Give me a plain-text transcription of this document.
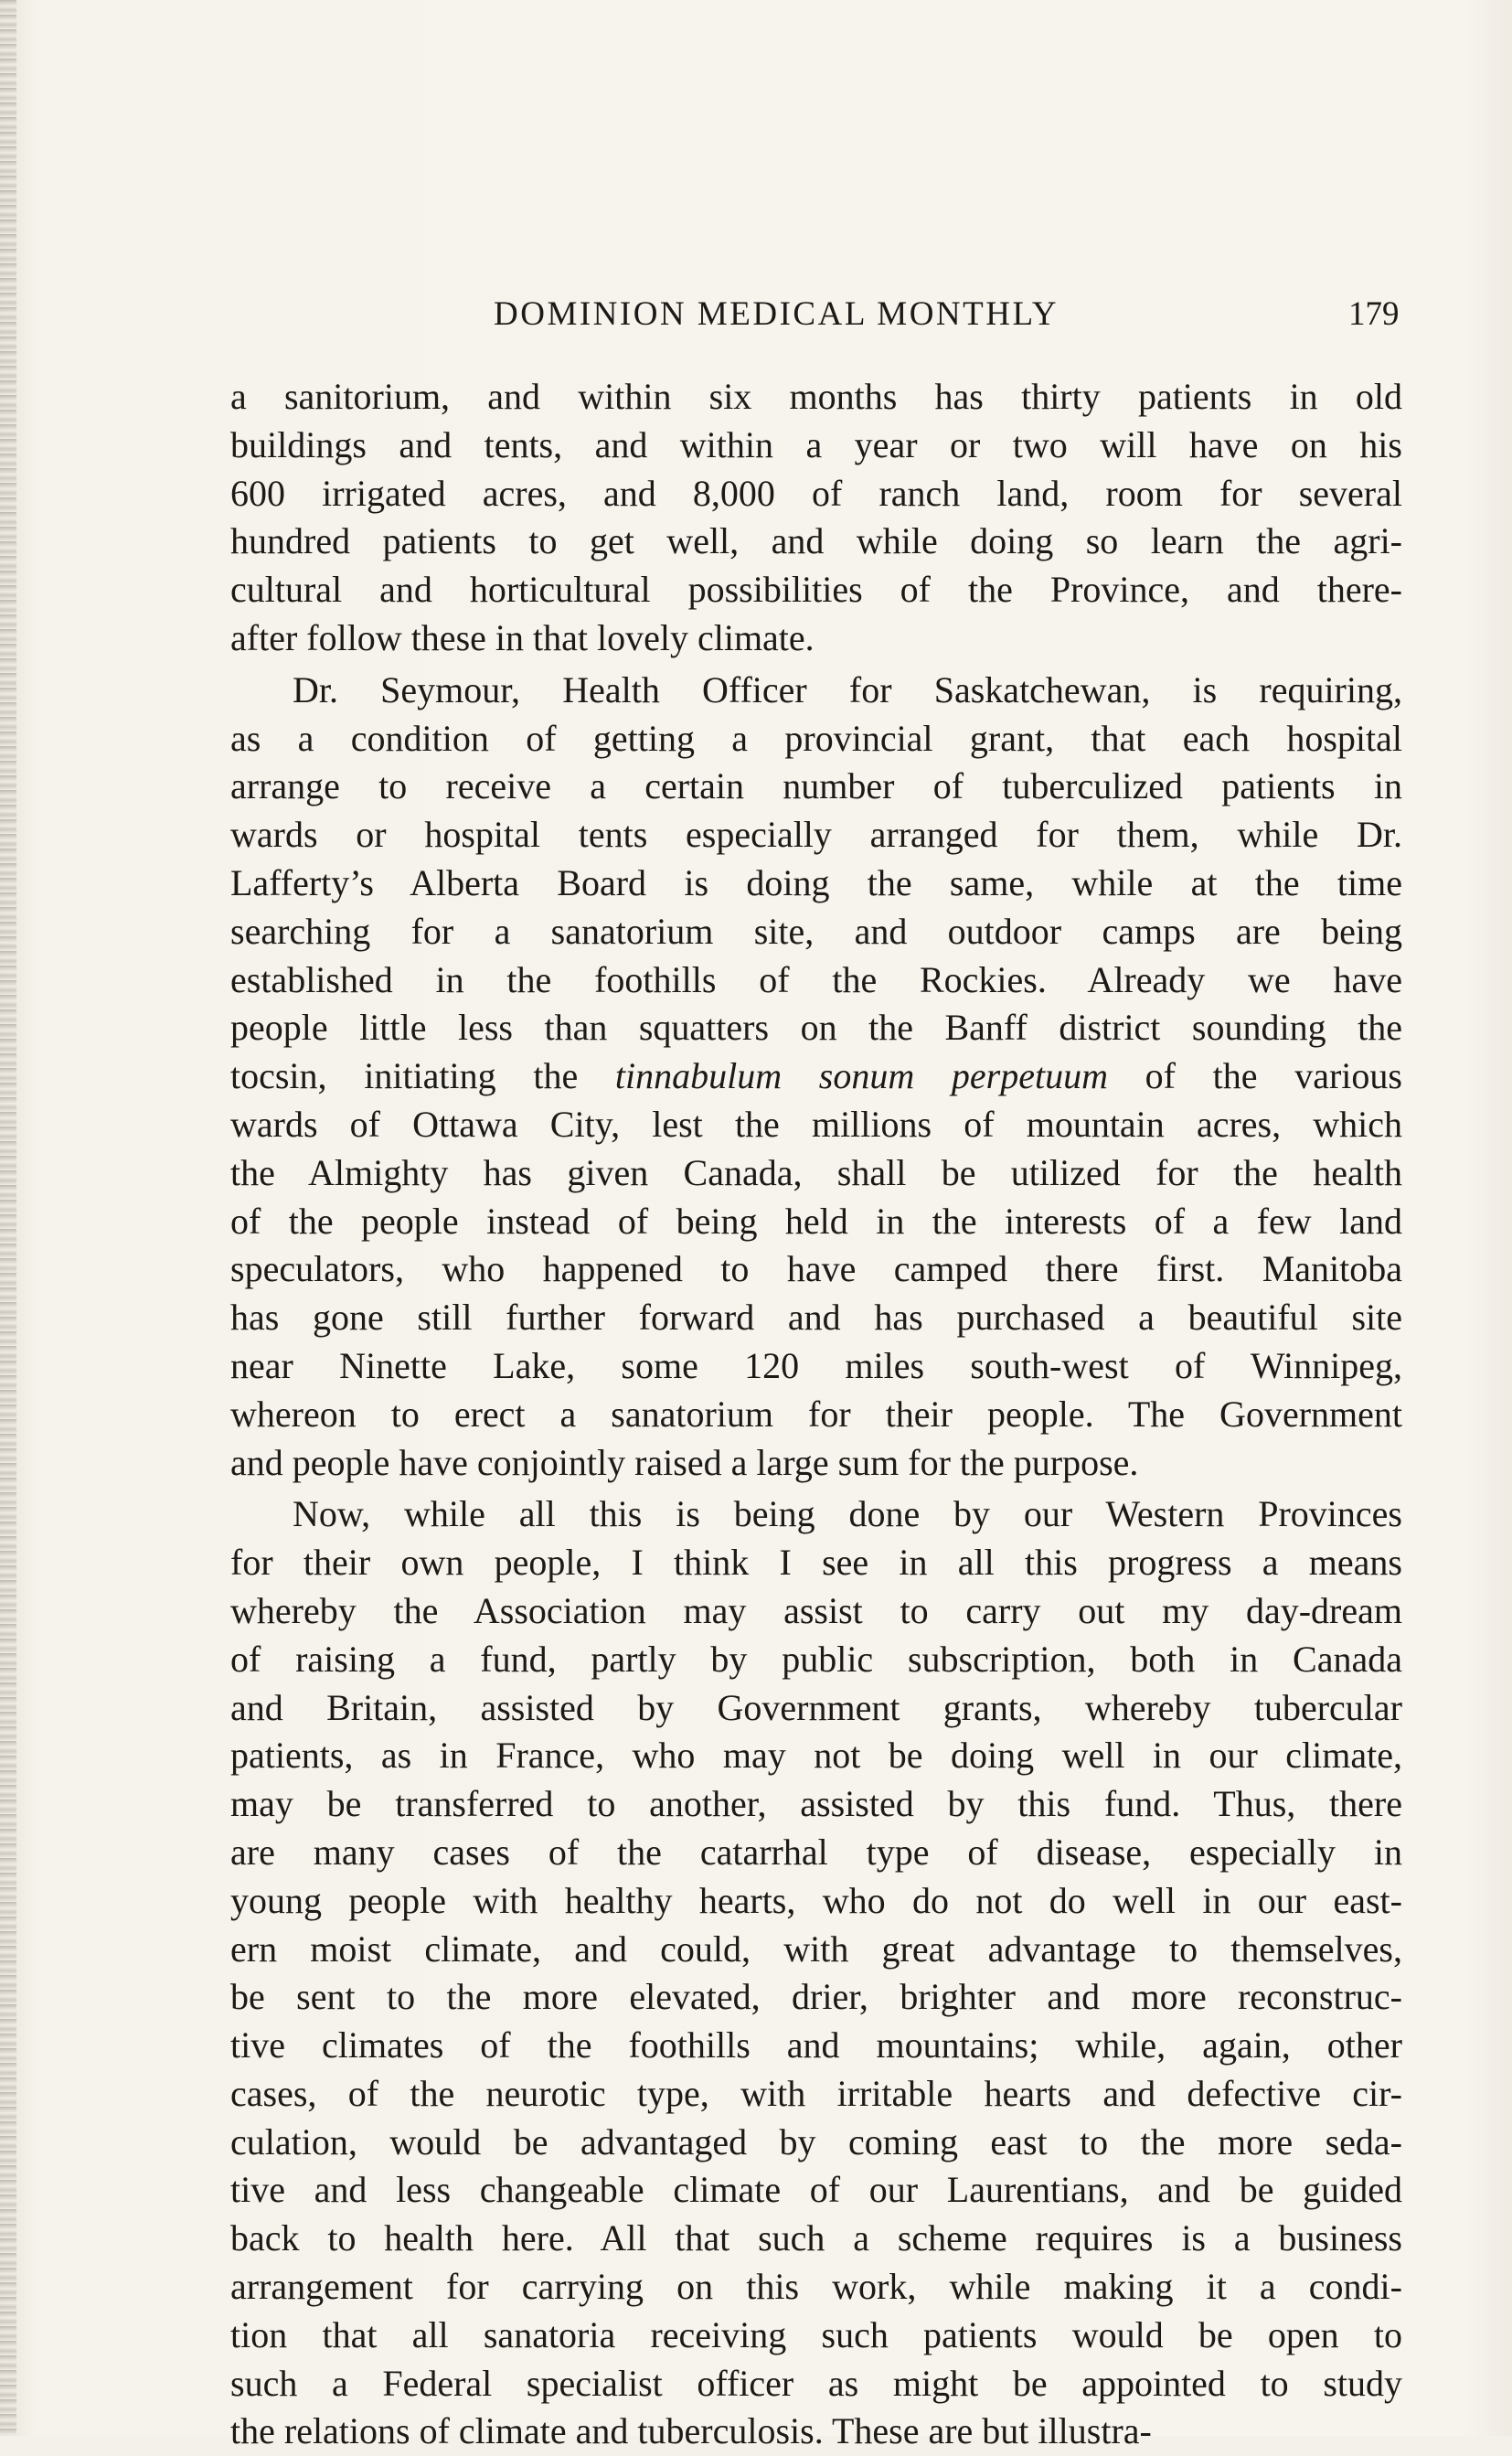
DOMINION MEDICAL MONTHLY	179
a sanitorium, and within six months has thirty patients in old
buildings and tents, and within a year or two will have on his
600 irrigated acres, and 8,000 of ranch land, room for several
hundred patients to get well, and while doing so learn the agri-
cultural and horticultural possibilities of the Province, and there-
after follow these in that lovely climate.
Dr. Seymour, Health Officer for Saskatchewan, is requiring,
as a condition of getting a provincial grant, that each hospital
arrange to receive a certain number of tuberculized patients in
wards or hospital tents especially arranged for them, while Dr.
Lafferty’s Alberta Board is doing the same, while at the time
searching for a sanatorium site, and outdoor camps are being
established in the foothills of the Rockies. Already we have
people little less than squatters on the Banff district sounding the
tocsin, initiating the tinnabulum sonum perpetuum of the various
wards of Ottawa City, lest the millions of mountain acres, which
the Almighty has given Canada, shall be utilized for the health
of the people instead of being held in the interests of a few land
speculators, who happened to have camped there first. Manitoba
has gone still further forward and has purchased a beautiful site
near Ninette Lake, some 120 miles south-west of Winnipeg,
whereon to erect a sanatorium for their people. The Government
and people have conjointly raised a large sum for the purpose.
Now, while all this is being done by our Western Provinces
for their own people, I think I see in all this progress a means
whereby the Association may assist to carry out my day-dream
of raising a fund, partly by public subscription, both in Canada
and Britain, assisted by Government grants, whereby tubercular
patients, as in France, who may not be doing well in our climate,
may be transferred to another, assisted by this fund. Thus, there
are many cases of the catarrhal type of disease, especially in
young people with healthy hearts, who do not do well in our east-
ern moist climate, and could, with great advantage to themselves,
be sent to the more elevated, drier, brighter and more reconstruc-
tive climates of the foothills and mountains; while, again, other
cases, of the neurotic type, with irritable hearts and defective cir-
culation, would be advantaged by coming east to the more seda-
tive and less changeable climate of our Laurentians, and be guided
back to health here. All that such a scheme requires is a business
arrangement for carrying on this work, while making it a condi-
tion that all sanatoria receiving such patients would be open to
such a Federal specialist officer as might be appointed to study
the relations of climate and tuberculosis. These are but illustra-
